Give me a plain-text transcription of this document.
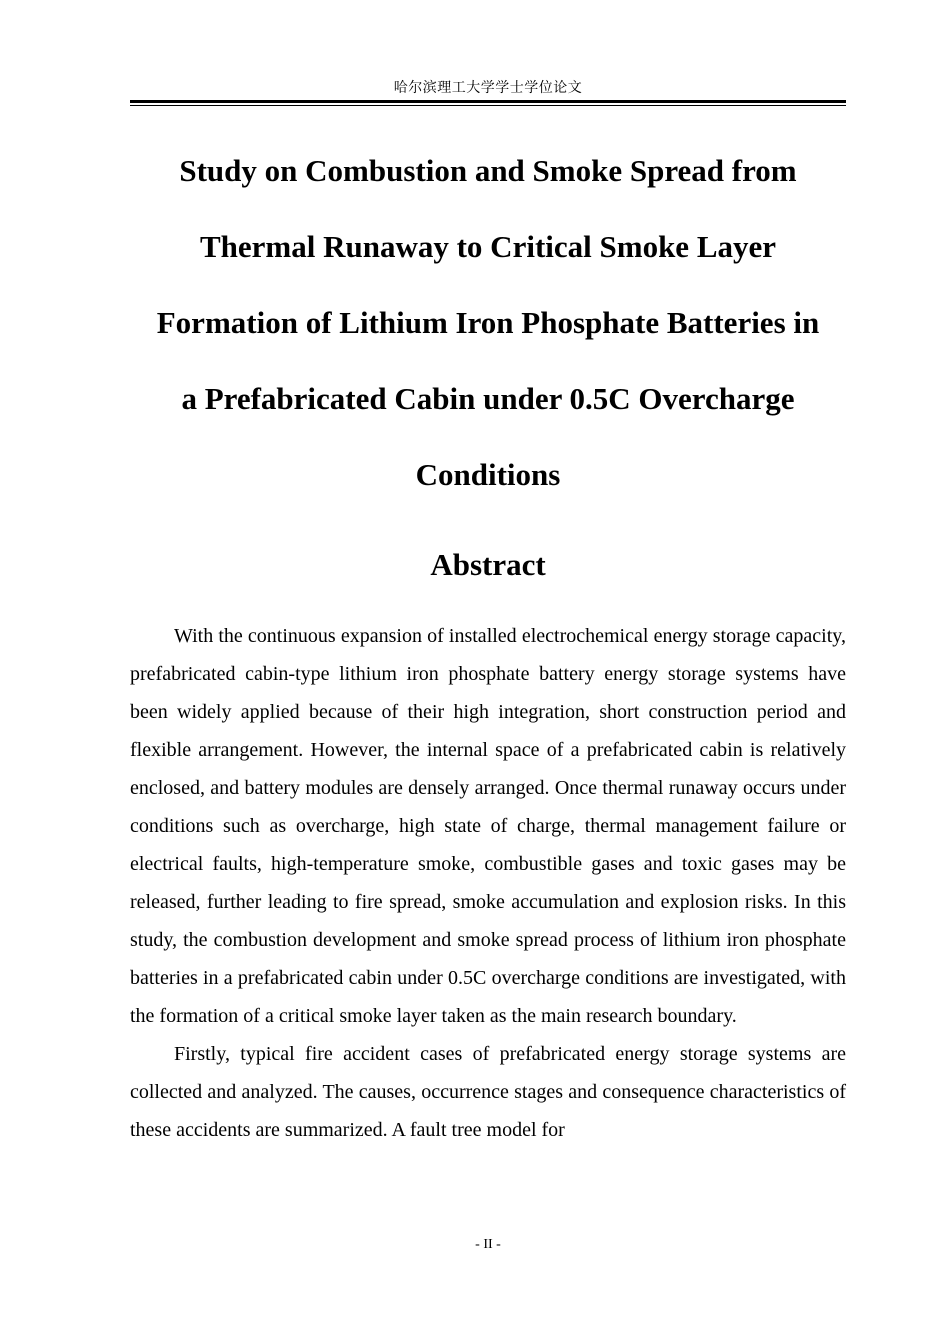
哈尔滨理工大学学士学位论文
Study on Combustion and Smoke Spread from
Thermal Runaway to Critical Smoke Layer
Formation of Lithium Iron Phosphate Batteries in
a Prefabricated Cabin under 0.5C Overcharge
Conditions
Abstract

With the continuous expansion of installed electrochemical energy storage capacity, prefabricated cabin-type lithium iron phosphate battery energy storage systems have been widely applied because of their high integration, short construction period and flexible arrangement. However, the internal space of a prefabricated cabin is relatively enclosed, and battery modules are densely arranged. Once thermal runaway occurs under conditions such as overcharge, high state of charge, thermal management failure or electrical faults, high-temperature smoke, combustible gases and toxic gases may be released, further leading to fire spread, smoke accumulation and explosion risks. In this study, the combustion development and smoke spread process of lithium iron phosphate batteries in a prefabricated cabin under 0.5C overcharge conditions are investigated, with the formation of a critical smoke layer taken as the main research boundary.

Firstly, typical fire accident cases of prefabricated energy storage systems are collected and analyzed. The causes, occurrence stages and consequence characteristics of these accidents are summarized. A fault tree model for

- II -
